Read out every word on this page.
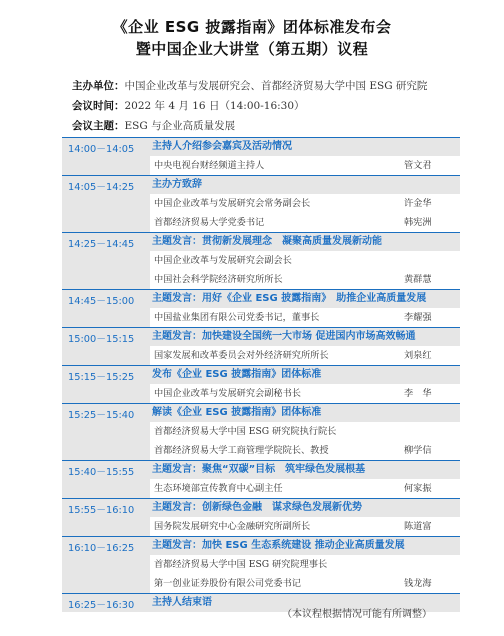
《企业 ESG 披露指南》团体标准发布会
暨中国企业大讲堂（第五期）议程
主办单位：中国企业改革与发展研究会、首都经济贸易大学中国 ESG 研究院
会议时间：2022 年 4 月 16 日（14:00-16:30）
会议主题：ESG 与企业高质量发展
14:00－14:05	主持人介绍参会嘉宾及活动情况
中央电视台财经频道主持人	管文君
14:05－14:25	主办方致辞
中国企业改革与发展研究会常务副会长	许金华
首都经济贸易大学党委书记	韩宪洲
14:25－14:45	主题发言：贯彻新发展理念　凝聚高质量发展新动能
中国企业改革与发展研究会副会长
中国社会科学院经济研究所所长	黄群慧
14:45－15:00	主题发言：用好《企业 ESG 披露指南》　助推企业高质量发展
中国盐业集团有限公司党委书记，董事长	李耀强
15:00－15:15	主题发言：加快建设全国统一大市场 促进国内市场高效畅通
国家发展和改革委员会对外经济研究所所长	刘泉红
15:15－15:25	发布《企业 ESG 披露指南》团体标准
中国企业改革与发展研究会副秘书长	李　华
15:25－15:40	解读《企业 ESG 披露指南》团体标准
首都经济贸易大学中国 ESG 研究院执行院长
首都经济贸易大学工商管理学院院长、教授	柳学信
15:40－15:55	主题发言：聚焦“双碳”目标　筑牢绿色发展根基
生态环境部宣传教育中心副主任	何家振
15:55－16:10	主题发言：创新绿色金融　谋求绿色发展新优势
国务院发展研究中心金融研究所副所长	陈道富
16:10－16:25	主题发言：加快 ESG 生态系统建设 推动企业高质量发展
首都经济贸易大学中国 ESG 研究院理事长
第一创业证券股份有限公司党委书记	钱龙海
16:25－16:30	主持人结束语
（本议程根据情况可能有所调整）
